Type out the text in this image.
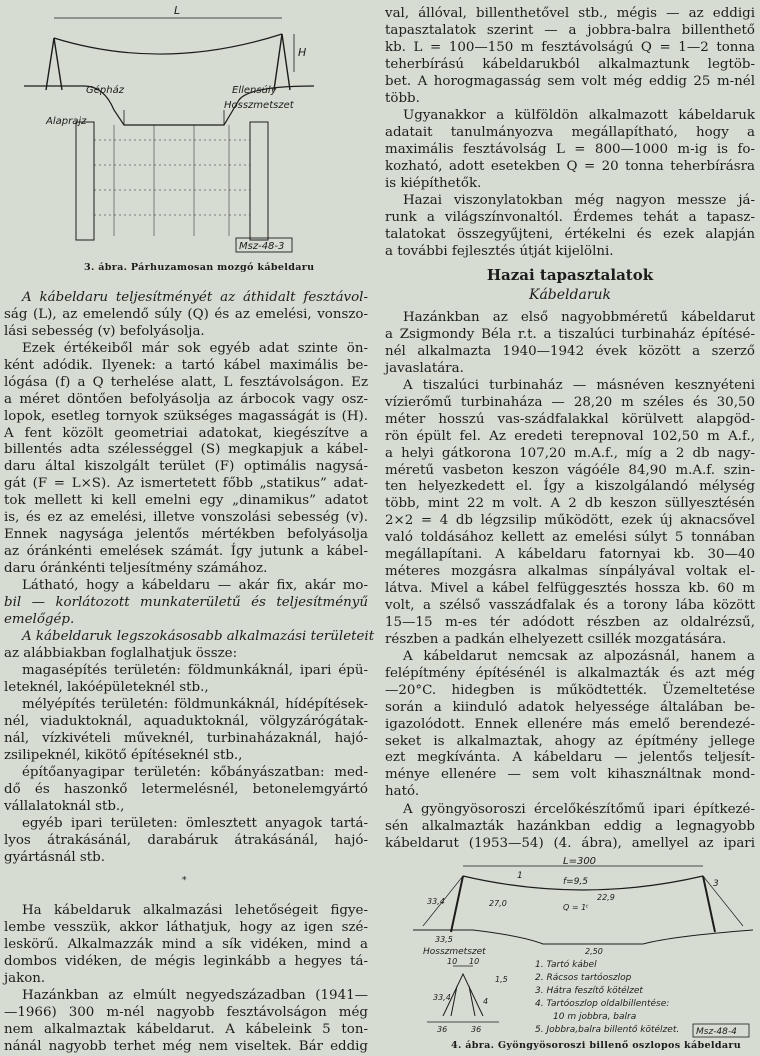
L
H
Gépház	Ellensúly
Hosszmetszet
Alaprajz
Msz-48-3
3. ábra. Párhuzamosan mozgó kábeldaru
A kábeldaru teljesítményét az áthidalt fesztávol-
ság (L), az emelendő súly (Q) és az emelési, vonszo-
lási sebesség (v) befolyásolja.
Ezek értékeiből már sok egyéb adat szinte ön-
ként adódik. Ilyenek: a tartó kábel maximális be-
lógása (f) a Q terhelése alatt, L fesztávolságon. Ez
a méret döntően befolyásolja az árbocok vagy osz-
lopok, esetleg tornyok szükséges magasságát is (H).
A fent közölt geometriai adatokat, kiegészítve a
billentés adta szélességgel (S) megkapjuk a kábel-
daru által kiszolgált terület (F) optimális nagysá-
gát (F = L×S). Az ismertetett főbb „statikus” adat-
tok mellett ki kell emelni egy „dinamikus” adatot
is, és ez az emelési, illetve vonszolási sebesség (v).
Ennek nagysága jelentős mértékben befolyásolja
az óránkénti emelések számát. Így jutunk a kábel-
daru óránkénti teljesítmény számához.
Látható, hogy a kábeldaru — akár fix, akár mo-
bil — korlátozott munkaterületű és teljesítményű
emelőgép.
A kábeldaruk legszokásosabb alkalmazási területeit
az alábbiakban foglalhatjuk össze:
magasépítés területén: földmunkáknál, ipari épü-
leteknél, lakóépületeknél stb.,
mélyépítés területén: földmunkáknál, hídépítések-
nél, viaduktoknál, aquaduktoknál, völgyzárógátak-
nál, vízkivételi műveknél, turbinaházaknál, hajó-
zsilipeknél, kikötő építéseknél stb.,
építőanyagipar területén: kőbányászatban: med-
dő és haszonkő letermelésnél, betonelemgyártó
vállalatoknál stb.,
egyéb ipari területen: ömlesztett anyagok tartá-
lyos átrakásánál, darabáruk átrakásánál, hajó-
gyártásnál stb.
*
Ha kábeldaruk alkalmazási lehetőségeit figye-
lembe vesszük, akkor láthatjuk, hogy az igen szé-
leskörű. Alkalmazzák mind a sík vidéken, mind a
dombos vidéken, de mégis leginkább a hegyes tá-
jakon.
Hazánkban az elmúlt negyedszázadban (1941—
—1966) 300 m-nél nagyobb fesztávolságon még
nem alkalmaztak kábeldarut. A kábeleink 5 ton-
nánál nagyobb terhet még nem viseltek. Bár eddig
val, állóval, billenthetővel stb., mégis — az eddigi
tapasztalatok szerint — a jobbra-balra billenthető
kb. L = 100—150 m fesztávolságú Q = 1—2 tonna
teherbírású kábeldarukból alkalmaztunk legtöb-
bet. A horogmagasság sem volt még eddig 25 m-nél
több.
Ugyanakkor a külföldön alkalmazott kábeldaruk
adatait tanulmányozva megállapítható, hogy a
maximális fesztávolság L = 800—1000 m-ig is fo-
kozható, adott esetekben Q = 20 tonna teherbírásra
is kiépíthetők.
Hazai viszonylatokban még nagyon messze já-
runk a világszínvonaltól. Érdemes tehát a tapasz-
talatokat összegyűjteni, értékelni és ezek alapján
a további fejlesztés útját kijelölni.
Hazai tapasztalatok
Kábeldaruk
Hazánkban az első nagyobbméretű kábeldarut
a Zsigmondy Béla r.t. a tiszalúci turbinaház építésé-
nél alkalmazta 1940—1942 évek között a szerző
javaslatára.
A tiszalúci turbinaház — másnéven kesznyéteni
vízierőmű turbinaháza — 28,20 m széles és 30,50
méter hosszú vas-szádfalakkal körülvett alapgöd-
rön épült fel. Az eredeti terepnoval 102,50 m A.f.,
a helyi gátkorona 107,20 m.A.f., míg a 2 db nagy-
méretű vasbeton keszon vágóéle 84,90 m.A.f. szin-
ten helyezkedett el. Így a kiszolgálandó mélység
több, mint 22 m volt. A 2 db keszon süllyesztésén
2×2 = 4 db légzsilip működött, ezek új aknacsővel
való toldásához kellett az emelési súlyt 5 tonnában
megállapítani. A kábeldaru fatornyai kb. 30—40
méteres mozgásra alkalmas sínpályával voltak el-
látva. Mivel a kábel felfüggesztés hossza kb. 60 m
volt, a szélső vasszádfalak és a torony lába között
15—15 m-es tér adódott részben az oldalrézsű,
részben a padkán elhelyezett csillék mozgatására.
A kábeldarut nemcsak az alpozásnál, hanem a
felépítmény építésénél is alkalmazták és azt még
—20°C. hidegben is működtették. Üzemeltetése
során a kiinduló adatok helyessége általában be-
igazolódott. Ennek ellenére más emelő berendezé-
seket is alkalmaztak, ahogy az építmény jellege
ezt megkívánta. A kábeldaru — jelentős teljesít-
ménye ellenére — sem volt kihasználtnak mond-
ható.
A gyöngyösoroszi ércelőkészítőmű ipari építkezé-
sén alkalmazták hazánkban eddig a legnagyobb
kábeldarut (1953—54) (4. ábra), amellyel az ipari
L=300
f=9,5
1
3
33,4	27,0
22,9
Q = 1ᵗ
33,5
2,50
Hosszmetszet
10 10
1,5
33,4	4
36	36
1. Tartó kábel
2. Rácsos tartóoszlop
3. Hátra feszítő kötélzet
4. Tartóoszlop oldalbillentése:
10 m jobbra, balra
5. Jobbra,balra billentő kötélzet. Msz-48-4
4. ábra. Gyöngyösoroszi billenő oszlopos kábeldaru
